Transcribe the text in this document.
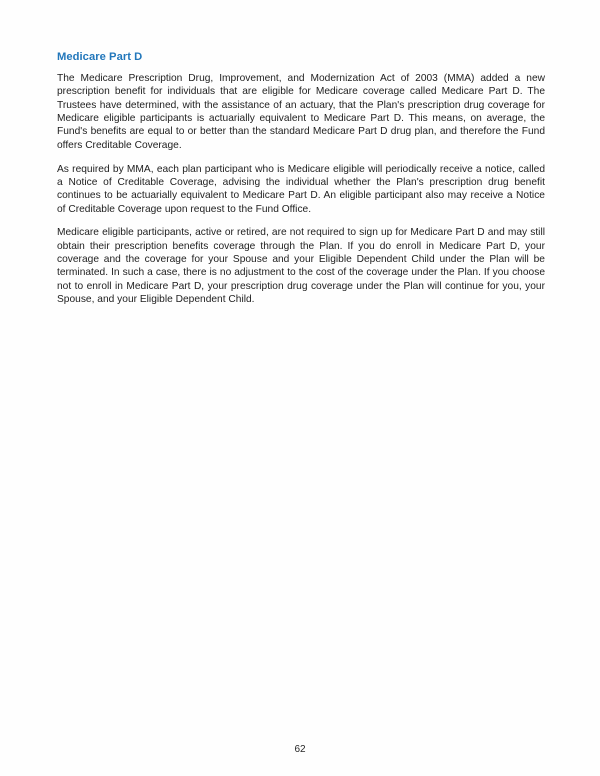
Medicare Part D

The Medicare Prescription Drug, Improvement, and Modernization Act of 2003 (MMA) added a new prescription benefit for individuals that are eligible for Medicare coverage called Medicare Part D. The Trustees have determined, with the assistance of an actuary, that the Plan's prescription drug coverage for Medicare eligible participants is actuarially equivalent to Medicare Part D. This means, on average, the Fund's benefits are equal to or better than the standard Medicare Part D drug plan, and therefore the Fund offers Creditable Coverage.

As required by MMA, each plan participant who is Medicare eligible will periodically receive a notice, called a Notice of Creditable Coverage, advising the individual whether the Plan's prescription drug benefit continues to be actuarially equivalent to Medicare Part D. An eligible participant also may receive a Notice of Creditable Coverage upon request to the Fund Office.

Medicare eligible participants, active or retired, are not required to sign up for Medicare Part D and may still obtain their prescription benefits coverage through the Plan. If you do enroll in Medicare Part D, your coverage and the coverage for your Spouse and your Eligible Dependent Child under the Plan will be terminated. In such a case, there is no adjustment to the cost of the coverage under the Plan. If you choose not to enroll in Medicare Part D, your prescription drug coverage under the Plan will continue for you, your Spouse, and your Eligible Dependent Child.

62
